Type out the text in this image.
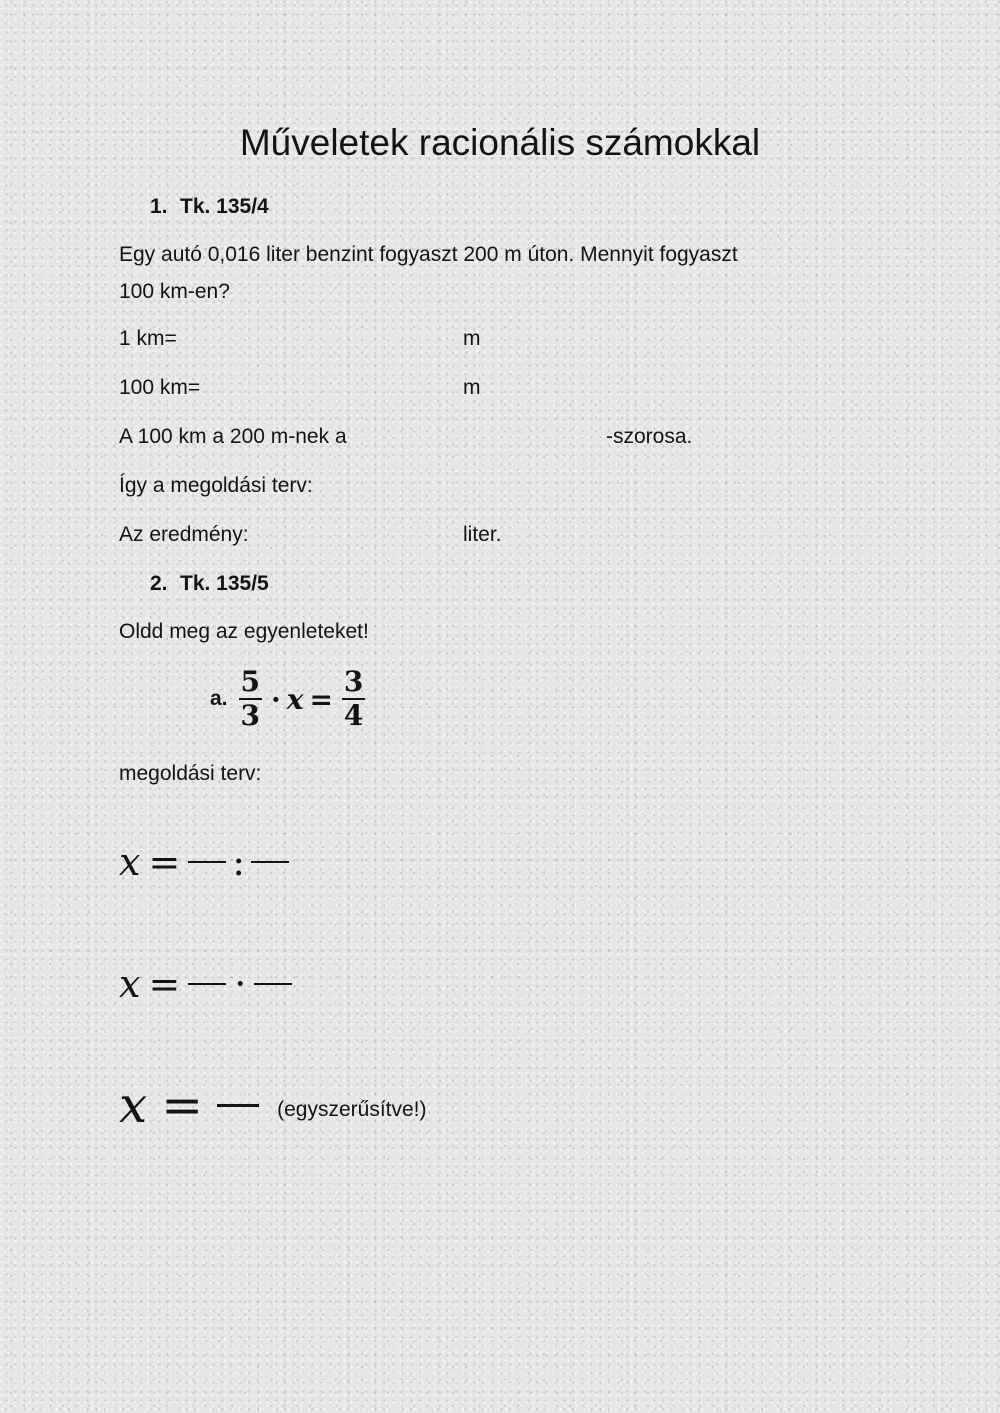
Műveletek racionális számokkal
1. Tk. 135/4
Egy autó 0,016 liter benzint fogyaszt 200 m úton. Mennyit fogyaszt
100 km-en?
1 km=	m
100 km=	m
A 100 km a 200 m-nek a	-szorosa.
Így a megoldási terv:
Az eredmény:	liter.
2. Tk. 135/5
Oldd meg az egyenleteket!
a. $\frac{5}{3} \cdot x = \frac{3}{4}$
megoldási terv:
x = :
x = ·
x =	(egyszerűsítve!)
